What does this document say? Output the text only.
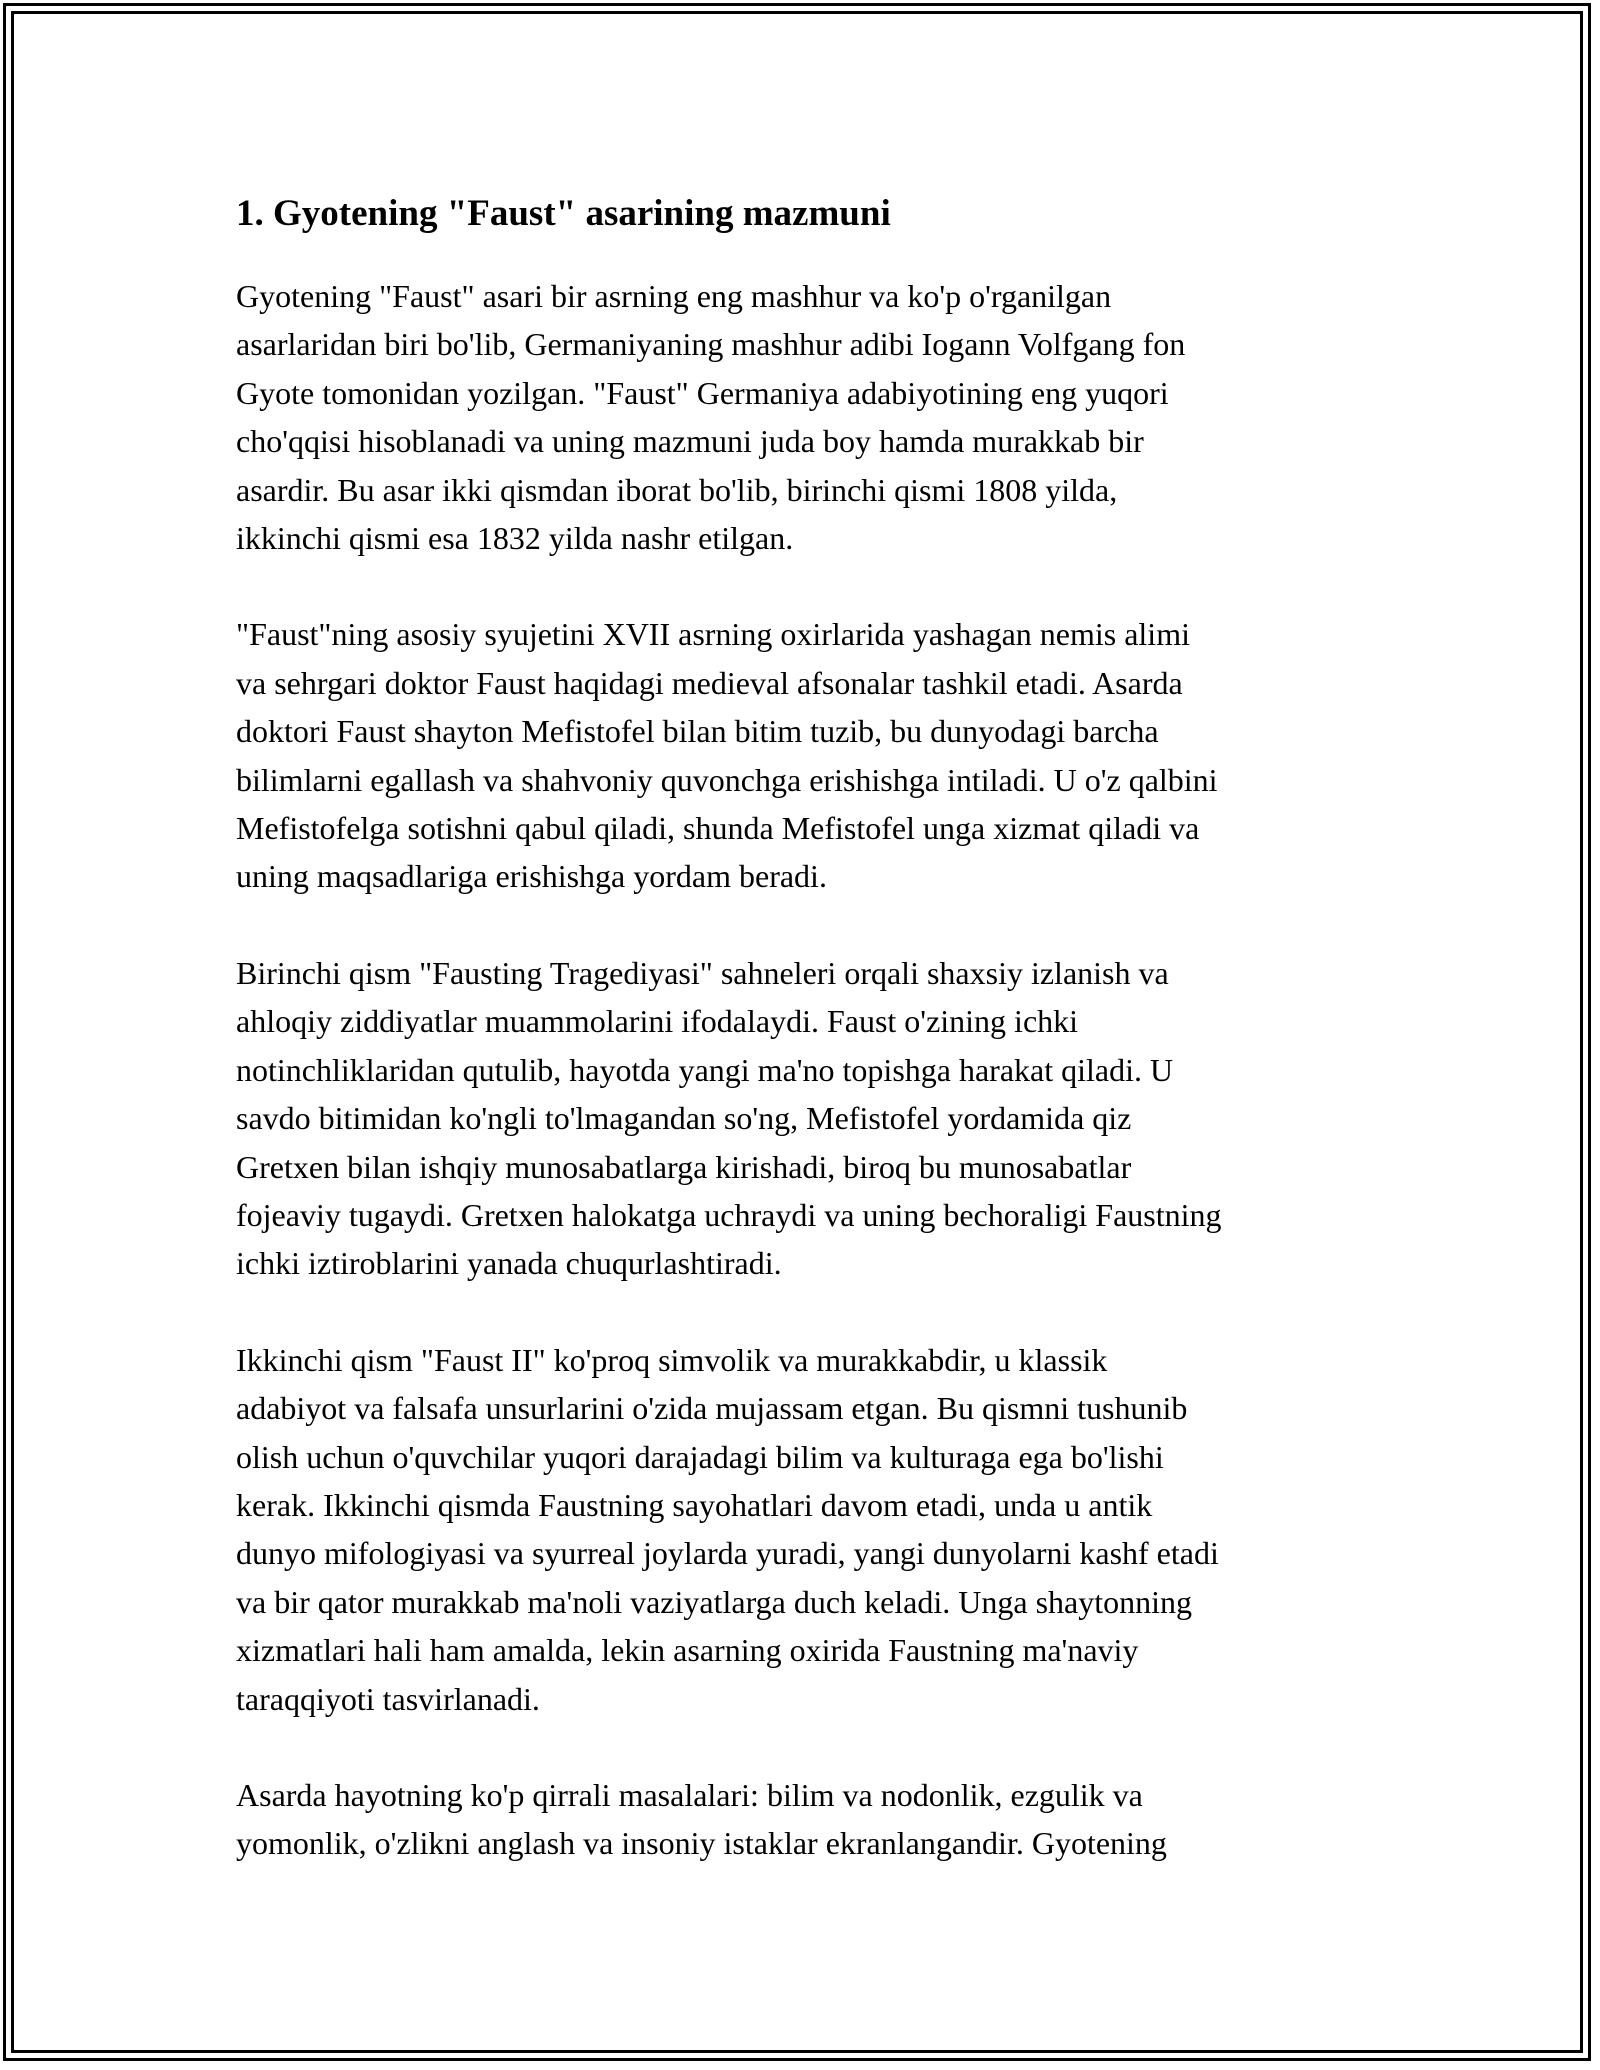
1. Gyotening "Faust" asarining mazmuni

Gyotening "Faust" asari bir asrning eng mashhur va ko'p o'rganilgan
asarlaridan biri bo'lib, Germaniyaning mashhur adibi Iogann Volfgang fon
Gyote tomonidan yozilgan. "Faust" Germaniya adabiyotining eng yuqori
cho'qqisi hisoblanadi va uning mazmuni juda boy hamda murakkab bir
asardir. Bu asar ikki qismdan iborat bo'lib, birinchi qismi 1808 yilda,
ikkinchi qismi esa 1832 yilda nashr etilgan.

"Faust"ning asosiy syujetini XVII asrning oxirlarida yashagan nemis alimi
va sehrgari doktor Faust haqidagi medieval afsonalar tashkil etadi. Asarda
doktori Faust shayton Mefistofel bilan bitim tuzib, bu dunyodagi barcha
bilimlarni egallash va shahvoniy quvonchga erishishga intiladi. U o'z qalbini
Mefistofelga sotishni qabul qiladi, shunda Mefistofel unga xizmat qiladi va
uning maqsadlariga erishishga yordam beradi.

Birinchi qism "Fausting Tragediyasi" sahneleri orqali shaxsiy izlanish va
ahloqiy ziddiyatlar muammolarini ifodalaydi. Faust o'zining ichki
notinchliklaridan qutulib, hayotda yangi ma'no topishga harakat qiladi. U
savdo bitimidan ko'ngli to'lmagandan so'ng, Mefistofel yordamida qiz
Gretxen bilan ishqiy munosabatlarga kirishadi, biroq bu munosabatlar
fojeaviy tugaydi. Gretxen halokatga uchraydi va uning bechoraligi Faustning
ichki iztiroblarini yanada chuqurlashtiradi.

Ikkinchi qism "Faust II" ko'proq simvolik va murakkabdir, u klassik
adabiyot va falsafa unsurlarini o'zida mujassam etgan. Bu qismni tushunib
olish uchun o'quvchilar yuqori darajadagi bilim va kulturaga ega bo'lishi
kerak. Ikkinchi qismda Faustning sayohatlari davom etadi, unda u antik
dunyo mifologiyasi va syurreal joylarda yuradi, yangi dunyolarni kashf etadi
va bir qator murakkab ma'noli vaziyatlarga duch keladi. Unga shaytonning
xizmatlari hali ham amalda, lekin asarning oxirida Faustning ma'naviy
taraqqiyoti tasvirlanadi.

Asarda hayotning ko'p qirrali masalalari: bilim va nodonlik, ezgulik va
yomonlik, o'zlikni anglash va insoniy istaklar ekranlangandir. Gyotening
